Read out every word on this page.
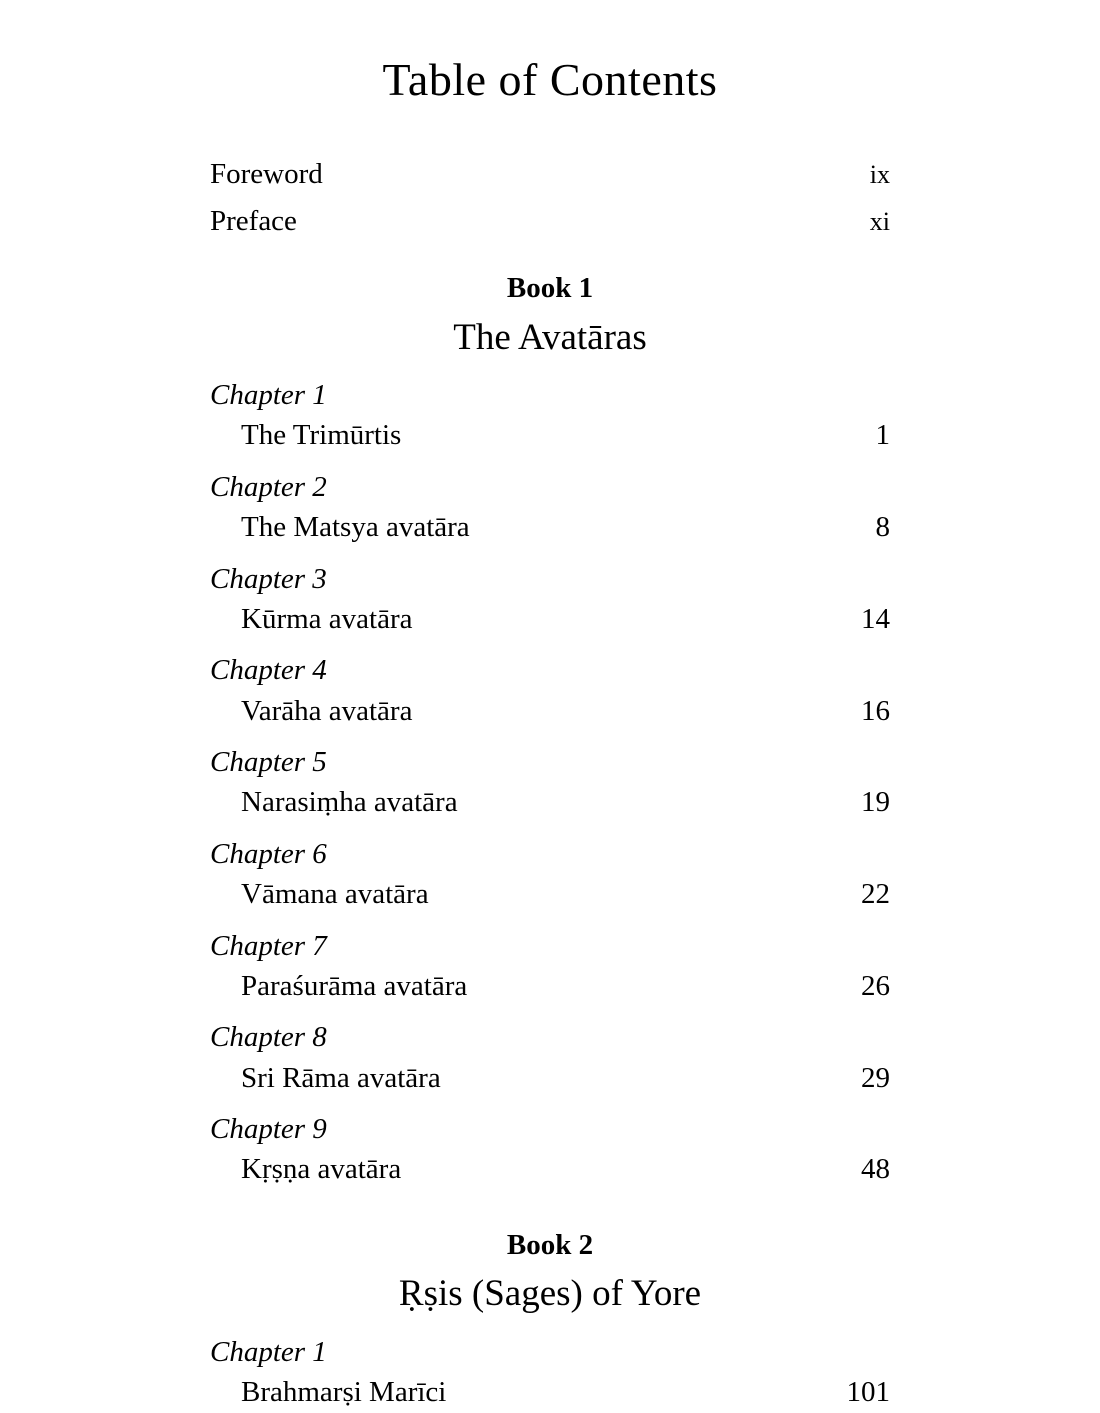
Table of Contents
Foreword	ix
Preface	xi
Book 1
The Avatāras
Chapter 1
The Trimūrtis	1
Chapter 2
The Matsya avatāra	8
Chapter 3
Kūrma avatāra	14
Chapter 4
Varāha avatāra	16
Chapter 5
Narasiṃha avatāra	19
Chapter 6
Vāmana avatāra	22
Chapter 7
Paraśurāma avatāra	26
Chapter 8
Sri Rāma avatāra	29
Chapter 9
Kṛṣṇa avatāra	48
Book 2
Ṛṣis (Sages) of Yore
Chapter 1
Brahmarṣi Marīci	101
